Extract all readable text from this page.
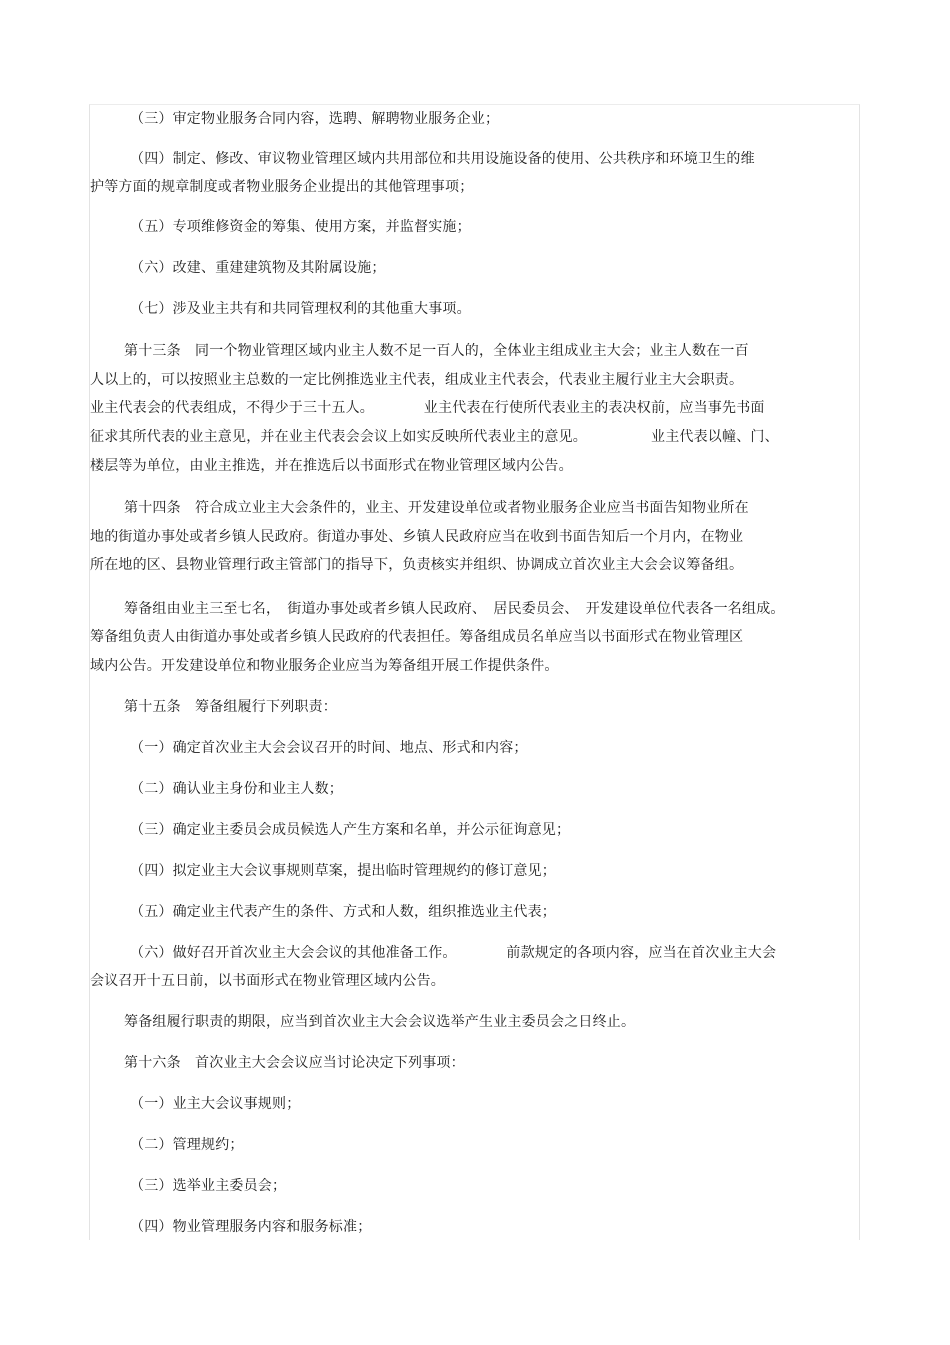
（三）审定物业服务合同内容，选聘、解聘物业服务企业；
（四）制定、修改、审议物业管理区域内共用部位和共用设施设备的使用、公共秩序和环境卫生的维
护等方面的规章制度或者物业服务企业提出的其他管理事项；
（五）专项维修资金的筹集、使用方案，并监督实施；
（六）改建、重建建筑物及其附属设施；
（七）涉及业主共有和共同管理权利的其他重大事项。
第十三条　同一个物业管理区域内业主人数不足一百人的，全体业主组成业主大会；业主人数在一百
人以上的，可以按照业主总数的一定比例推选业主代表，组成业主代表会，代表业主履行业主大会职责。
业主代表会的代表组成，不得少于三十五人。　　　　业主代表在行使所代表业主的表决权前，应当事先书面
征求其所代表的业主意见，并在业主代表会会议上如实反映所代表业主的意见。　　　　　业主代表以幢、门、
楼层等为单位，由业主推选，并在推选后以书面形式在物业管理区域内公告。
第十四条　符合成立业主大会条件的，业主、开发建设单位或者物业服务企业应当书面告知物业所在
地的街道办事处或者乡镇人民政府。街道办事处、乡镇人民政府应当在收到书面告知后一个月内，在物业
所在地的区、县物业管理行政主管部门的指导下，负责核实并组织、协调成立首次业主大会会议筹备组。
筹备组由业主三至七名，　街道办事处或者乡镇人民政府、　居民委员会、　开发建设单位代表各一名组成。
筹备组负责人由街道办事处或者乡镇人民政府的代表担任。筹备组成员名单应当以书面形式在物业管理区
域内公告。开发建设单位和物业服务企业应当为筹备组开展工作提供条件。
第十五条　筹备组履行下列职责：
（一）确定首次业主大会会议召开的时间、地点、形式和内容；
（二）确认业主身份和业主人数；
（三）确定业主委员会成员候选人产生方案和名单，并公示征询意见；
（四）拟定业主大会议事规则草案，提出临时管理规约的修订意见；
（五）确定业主代表产生的条件、方式和人数，组织推选业主代表；
（六）做好召开首次业主大会会议的其他准备工作。　　　　前款规定的各项内容，应当在首次业主大会
会议召开十五日前，以书面形式在物业管理区域内公告。
筹备组履行职责的期限，应当到首次业主大会会议选举产生业主委员会之日终止。
第十六条　首次业主大会会议应当讨论决定下列事项：
（一）业主大会议事规则；
（二）管理规约；
（三）选举业主委员会；
（四）物业管理服务内容和服务标准；
